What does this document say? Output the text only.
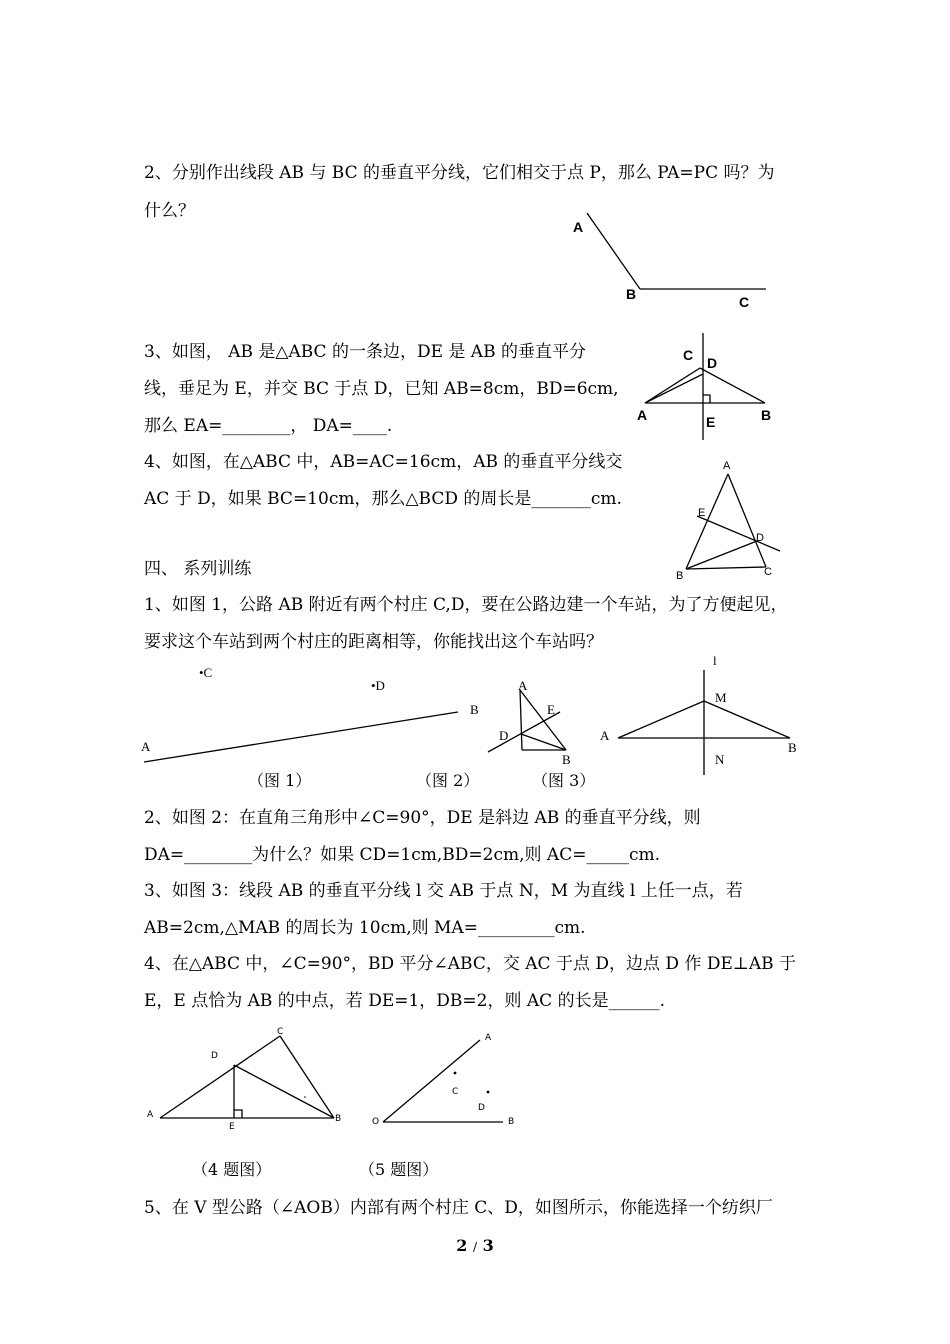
2、分别作出线段 AB 与 BC 的垂直平分线，它们相交于点 P，那么 PA=PC 吗？为
什么？
3、如图， AB 是△ABC 的一条边，DE 是 AB 的垂直平分
线，垂足为 E，并交 BC 于点 D，已知 AB=8cm，BD=6cm,
那么 EA=________， DA=____.
4、如图，在△ABC 中，AB=AC=16cm，AB 的垂直平分线交
AC 于 D，如果 BC=10cm，那么△BCD 的周长是_______cm.
四、 系列训练
1、如图 1，公路 AB 附近有两个村庄 C,D，要在公路边建一个车站，为了方便起见，
要求这个车站到两个村庄的距离相等，你能找出这个车站吗？
2、如图 2：在直角三角形中∠C=90°，DE 是斜边 AB 的垂直平分线，则
DA=________为什么？如果 CD=1cm,BD=2cm,则 AC=_____cm.
3、如图 3：线段 AB 的垂直平分线 l 交 AB 于点 N，M 为直线 l 上任一点，若
AB=2cm,△MAB 的周长为 10cm,则 MA=_________cm.
4、在△ABC 中，∠C=90°，BD 平分∠ABC，交 AC 于点 D，边点 D 作 DE⊥AB 于
E，E 点恰为 AB 的中点，若 DE=1，DB=2，则 AC 的长是______.
5、在 V 型公路（∠AOB）内部有两个村庄 C、D，如图所示，你能选择一个纺织厂
A
B	C
C D
A	E	B
A
E
D
B	C
•C
•D
A
B
A
E
D
B
l
M
A
B
N
C
D
A
E
B
A
C
D
O	B
（图 1）	（图 2）	（图 3）
（4 题图）	（5 题图）
2 / 3
